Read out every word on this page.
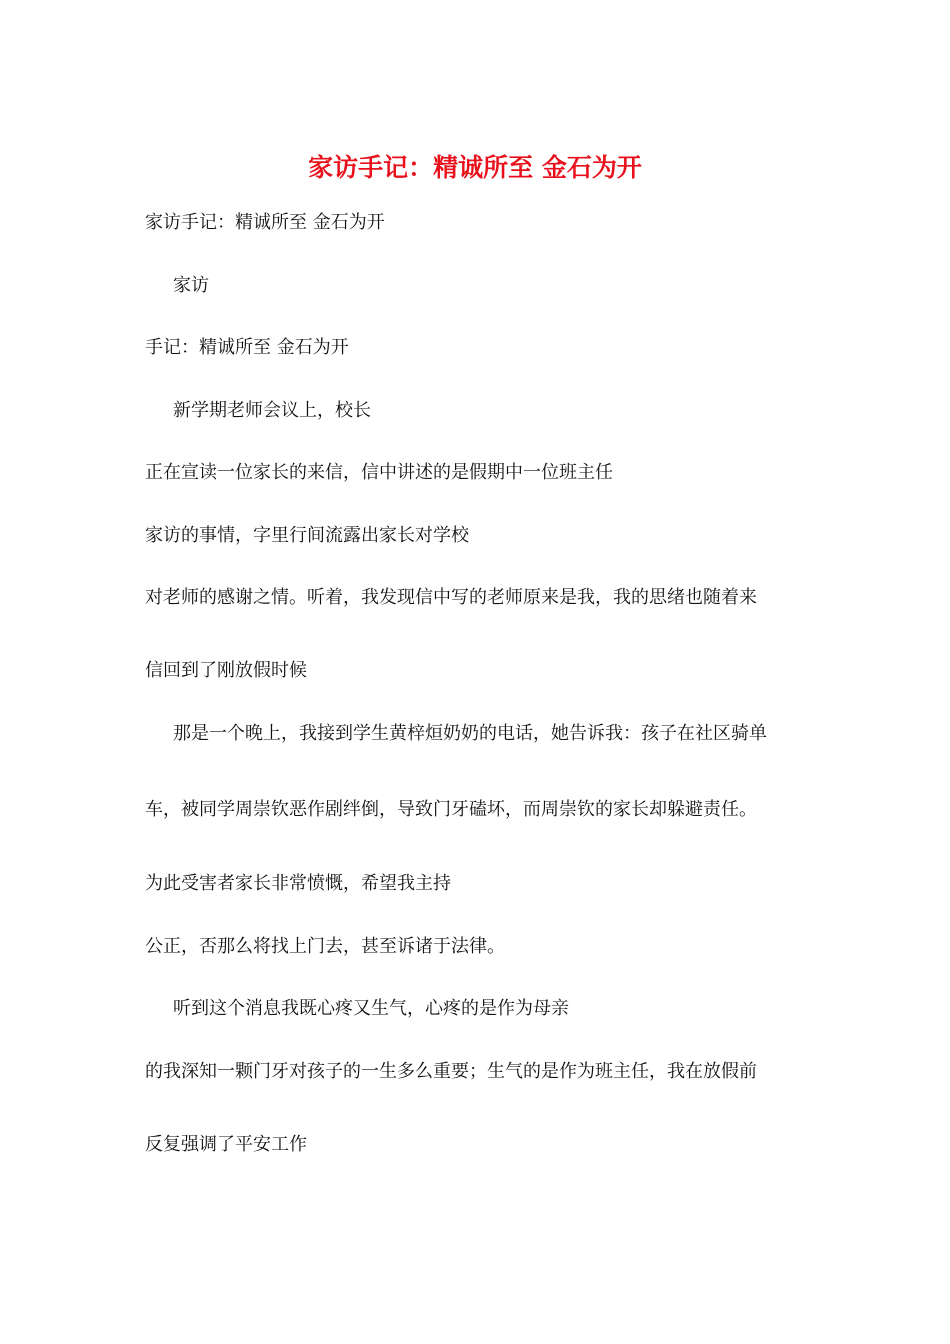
家访手记：精诚所至 金石为开

家访手记：精诚所至 金石为开

家访

手记：精诚所至 金石为开

新学期老师会议上，校长

正在宣读一位家长的来信，信中讲述的是假期中一位班主任

家访的事情，字里行间流露出家长对学校

对老师的感谢之情。听着，我发现信中写的老师原来是我，我的思绪也随着来

信回到了刚放假时候

那是一个晚上，我接到学生黄梓烜奶奶的电话，她告诉我：孩子在社区骑单

车，被同学周崇钦恶作剧绊倒，导致门牙磕坏，而周崇钦的家长却躲避责任。

为此受害者家长非常愤慨，希望我主持

公正，否那么将找上门去，甚至诉诸于法律。

听到这个消息我既心疼又生气，心疼的是作为母亲

的我深知一颗门牙对孩子的一生多么重要；生气的是作为班主任，我在放假前

反复强调了平安工作
